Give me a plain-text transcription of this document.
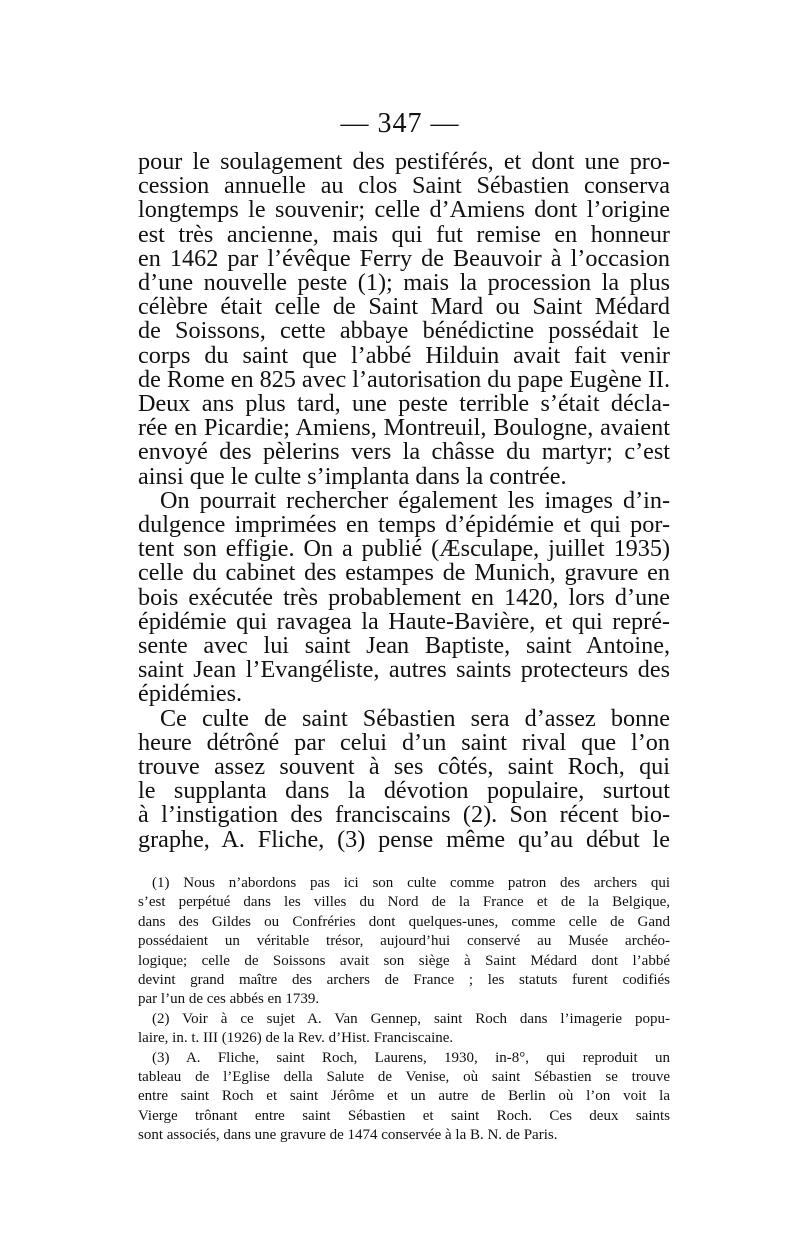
— 347 —
pour le soulagement des pestiférés, et dont une pro-
cession annuelle au clos Saint Sébastien conserva
longtemps le souvenir; celle d’Amiens dont l’origine
est très ancienne, mais qui fut remise en honneur
en 1462 par l’évêque Ferry de Beauvoir à l’occasion
d’une nouvelle peste (1); mais la procession la plus
célèbre était celle de Saint Mard ou Saint Médard
de Soissons, cette abbaye bénédictine possédait le
corps du saint que l’abbé Hilduin avait fait venir
de Rome en 825 avec l’autorisation du pape Eugène II.
Deux ans plus tard, une peste terrible s’était décla-
rée en Picardie; Amiens, Montreuil, Boulogne, avaient
envoyé des pèlerins vers la châsse du martyr; c’est
ainsi que le culte s’implanta dans la contrée.
On pourrait rechercher également les images d’in-
dulgence imprimées en temps d’épidémie et qui por-
tent son effigie. On a publié (Æsculape, juillet 1935)
celle du cabinet des estampes de Munich, gravure en
bois exécutée très probablement en 1420, lors d’une
épidémie qui ravagea la Haute-Bavière, et qui repré-
sente avec lui saint Jean Baptiste, saint Antoine,
saint Jean l’Evangéliste, autres saints protecteurs des
épidémies.
Ce culte de saint Sébastien sera d’assez bonne
heure détrôné par celui d’un saint rival que l’on
trouve assez souvent à ses côtés, saint Roch, qui
le supplanta dans la dévotion populaire, surtout
à l’instigation des franciscains (2). Son récent bio-
graphe, A. Fliche, (3) pense même qu’au début le
(1) Nous n’abordons pas ici son culte comme patron des archers qui
s’est perpétué dans les villes du Nord de la France et de la Belgique,
dans des Gildes ou Confréries dont quelques-unes, comme celle de Gand
possédaient un véritable trésor, aujourd’hui conservé au Musée archéo-
logique; celle de Soissons avait son siège à Saint Médard dont l’abbé
devint grand maître des archers de France ; les statuts furent codifiés
par l’un de ces abbés en 1739.
(2) Voir à ce sujet A. Van Gennep, saint Roch dans l’imagerie popu-
laire, in. t. III (1926) de la Rev. d’Hist. Franciscaine.
(3) A. Fliche, saint Roch, Laurens, 1930, in-8°, qui reproduit un
tableau de l’Eglise della Salute de Venise, où saint Sébastien se trouve
entre saint Roch et saint Jérôme et un autre de Berlin où l’on voit la
Vierge trônant entre saint Sébastien et saint Roch. Ces deux saints
sont associés, dans une gravure de 1474 conservée à la B. N. de Paris.
